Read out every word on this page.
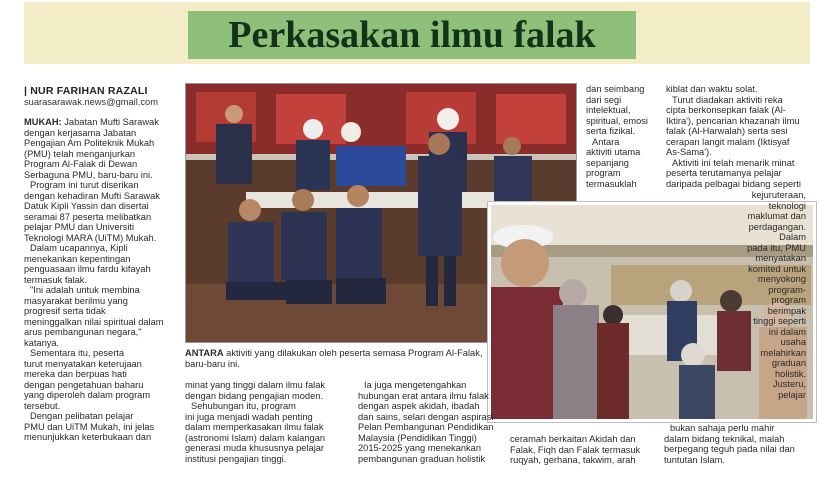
Perkasakan ilmu falak
| NUR FARIHAN RAZALI
suarasarawak.news@gmail.com
MUKAH: Jabatan Mufti Sarawak
dengan kerjasama Jabatan
Pengajian Am Politeknik Mukah
(PMU) telah menganjurkan
Program Al-Falak di Dewan
Serbaguna PMU, baru-baru ini.
Program ini turut diserikan
dengan kehadiran Mufti Sarawak
Datuk Kipli Yassin dan disertai
seramai 87 peserta melibatkan
pelajar PMU dan Universiti
Teknologi MARA (UiTM) Mukah.
Dalam ucapannya, Kipli
menekankan kepentingan
penguasaan ilmu fardu kifayah
termasuk falak.
"Ini adalah untuk membina
masyarakat berilmu yang
progresif serta tidak
meninggalkan nilai spiritual dalam
arus pembangunan negara,"
katanya.
Sementara itu, peserta
turut menyatakan keterujaan
mereka dan berpuas hati
dengan pengetahuan baharu
yang diperoleh dalam program
tersebut.
Dengan pelibatan pelajar
PMU dan UiTM Mukah, ini jelas
menunjukkan keterbukaan dan
ANTARA aktiviti yang dilakukan oleh peserta semasa Program Al-Falak,
baru-baru ini.
minat yang tinggi dalam ilmu falak
dengan bidang pengajian moden.
Sehubungan itu, program
ini juga menjadi wadah penting
dalam memperkasakan ilmu falak
(astronomi Islam) dalam kalangan
generasi muda khususnya pelajar
institusi pengajian tinggi.
Ia juga mengetengahkan
hubungan erat antara ilmu falak
dengan aspek akidah, ibadah
dan sains, selari dengan aspirasi
Pelan Pembangunan Pendidikan
Malaysia (Pendidikan Tinggi)
2015-2025 yang menekankan
pembangunan graduan holistik
dan seimbang
dari segi
intelektual,
spiritual, emosi
serta fizikal.
Antara
aktiviti utama
sepanjang
program
termasuklah
ceramah berkaitan Akidah dan
Falak, Fiqh dan Falak termasuk
ruqyah, gerhana, takwim, arah
kiblat dan waktu solat.
Turut diadakan aktiviti reka
cipta berkonsepkan falak (Al-
Iktira'), pencarian khazanah ilmu
falak (Al-Harwalah) serta sesi
cerapan langit malam (Iktisyaf
As-Sama').
Aktiviti ini telah menarik minat
peserta terutamanya pelajar
daripada pelbagai bidang seperti
kejuruteraan,
teknologi
maklumat dan
perdagangan.
Dalam
pada itu, PMU
menyatakan
komited untuk
menyokong
program-
program
berimpak
tinggi seperti
ini dalam
usaha
melahirkan
graduan
holistik.
Justeru,
pelajar
bukan sahaja perlu mahir
dalam bidang teknikal, malah
berpegang teguh pada nilai dan
tuntutan Islam.
